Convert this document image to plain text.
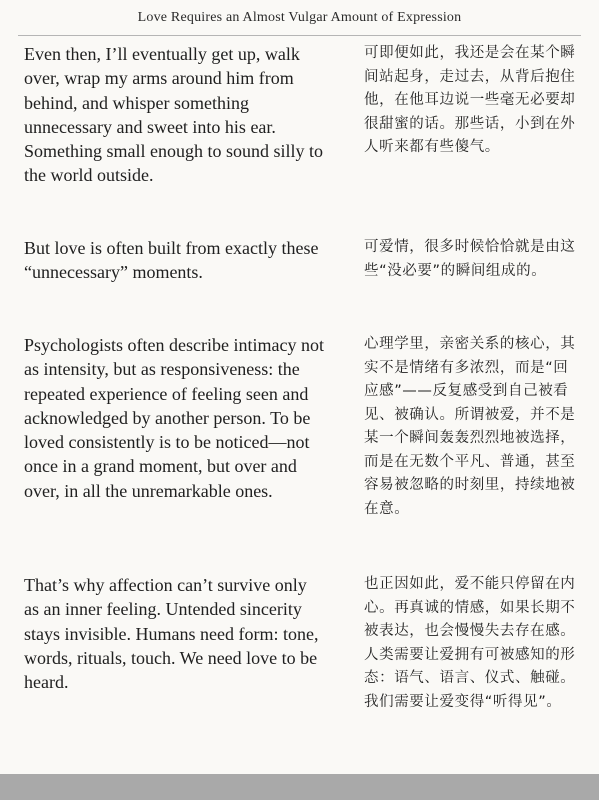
Love Requires an Almost Vulgar Amount of Expression
Even then, I’ll eventually get up, walk over, wrap my arms around him from behind, and whisper something unnecessary and sweet into his ear. Something small enough to sound silly to the world outside.
可即便如此，我还是会在某个瞬间站起身，走过去，从背后抱住他，在他耳边说一些毫无必要却很甜蜜的话。那些话，小到在外人听来都有些傻气。
But love is often built from exactly these “unnecessary” moments.
可爱情，很多时候恰恰就是由这些“没必要”的瞬间组成的。
Psychologists often describe intimacy not as intensity, but as responsiveness: the repeated experience of feeling seen and acknowledged by another person. To be loved consistently is to be noticed—not once in a grand moment, but over and over, in all the unremarkable ones.
心理学里，亲密关系的核心，其实不是情绪有多浓烈，而是“回应感”——反复感受到自己被看见、被确认。所谓被爱，并不是某一个瞬间轰轰烈烈地被选择，而是在无数个平凡、普通，甚至容易被忽略的时刻里，持续地被在意。
That’s why affection can’t survive only as an inner feeling. Untended sincerity stays invisible. Humans need form: tone, words, rituals, touch. We need love to be heard.
也正因如此，爱不能只停留在内心。再真诚的情感，如果长期不被表达，也会慢慢失去存在感。人类需要让爱拥有可被感知的形态：语气、语言、仪式、触碰。我们需要让爱变得“听得见”。
